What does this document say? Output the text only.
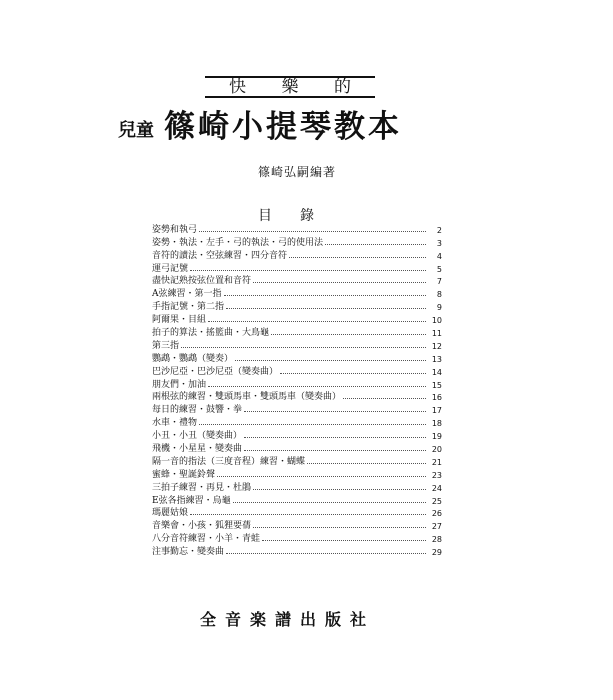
快 樂 的
兒童 篠崎小提琴教本
篠崎弘嗣編著
目錄
姿勢和執弓	2
姿勢・執法・左手・弓的執法・弓的使用法	3
音符的讀法・空弦練習・四分音符	4
運弓記號	5
盡快記熟按弦位置和音符	7
A弦練習・第一指	8
手指記號・第二指	9
阿爾果・目組	10
拍子的算法・搖籃曲・大鳥龜	11
第三指	12
鸚鵡・鸚鵡（變奏）	13
巴沙尼亞・巴沙尼亞（變奏曲）	14
朋友們・加油	15
兩根弦的練習・雙頭馬車・雙頭馬車（變奏曲）	16
每日的練習・鼓響・拳	17
水車・禮物	18
小丑・小丑（變奏曲）	19
飛機・小星星・變奏曲	20
隔一音的指法（三度音程）練習・蝴蝶	21
蜜蜂・聖誕鈴聲	23
三拍子練習・再見・杜鵑	24
E弦各指練習・烏龜	25
瑪麗姑娘	26
音樂會・小孩・狐狸要蒨	27
八分音符練習・小羊・青蛙	28
注事勤忘・變奏曲	29
全音楽譜出版社
